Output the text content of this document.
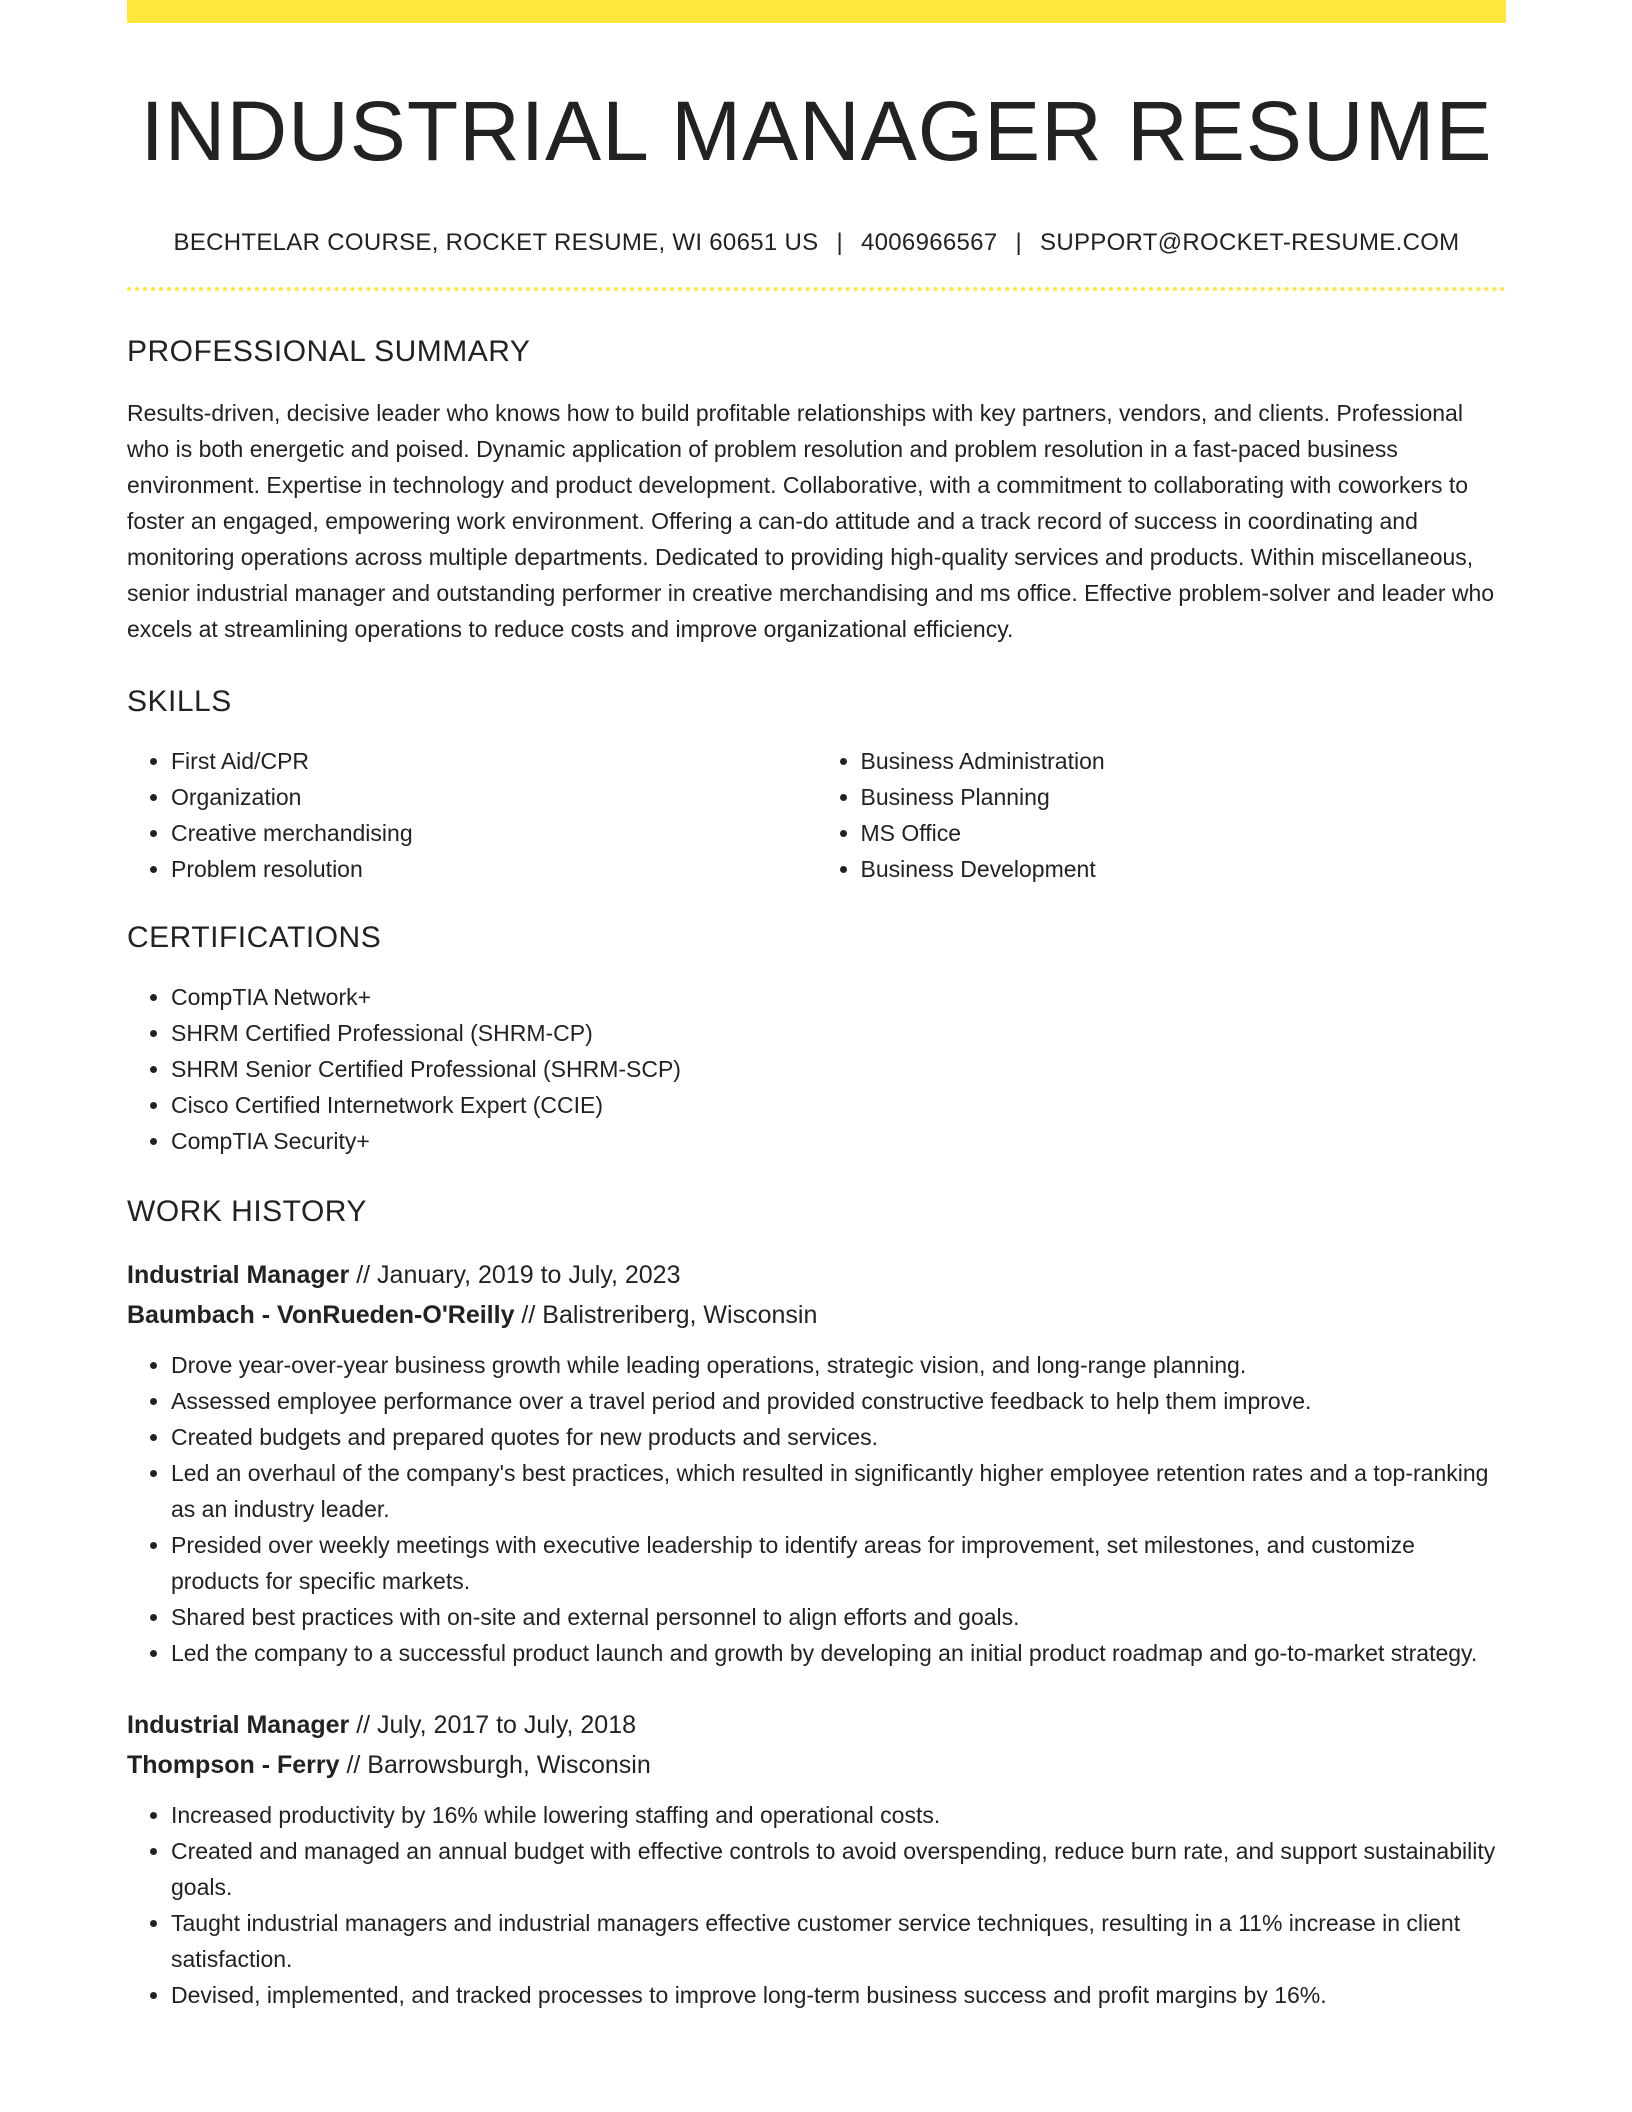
INDUSTRIAL MANAGER RESUME
BECHTELAR COURSE, ROCKET RESUME, WI 60651 US | 4006966567 | SUPPORT@ROCKET-RESUME.COM
PROFESSIONAL SUMMARY

Results-driven, decisive leader who knows how to build profitable relationships with key partners, vendors, and clients. Professional who is both energetic and poised. Dynamic application of problem resolution and problem resolution in a fast-paced business environment. Expertise in technology and product development. Collaborative, with a commitment to collaborating with coworkers to foster an engaged, empowering work environment. Offering a can-do attitude and a track record of success in coordinating and monitoring operations across multiple departments. Dedicated to providing high-quality services and products. Within miscellaneous, senior industrial manager and outstanding performer in creative merchandising and ms office. Effective problem-solver and leader who excels at streamlining operations to reduce costs and improve organizational efficiency.

SKILLS
• First Aid/CPR
• Organization
• Creative merchandising
• Problem resolution
• Business Administration
• Business Planning
• MS Office
• Business Development
CERTIFICATIONS
• CompTIA Network+
• SHRM Certified Professional (SHRM-CP)
• SHRM Senior Certified Professional (SHRM-SCP)
• Cisco Certified Internetwork Expert (CCIE)
• CompTIA Security+
WORK HISTORY
Industrial Manager // January, 2019 to July, 2023
Baumbach - VonRueden-O'Reilly // Balistreriberg, Wisconsin
• Drove year-over-year business growth while leading operations, strategic vision, and long-range planning.
• Assessed employee performance over a travel period and provided constructive feedback to help them improve.
• Created budgets and prepared quotes for new products and services.
• Led an overhaul of the company's best practices, which resulted in significantly higher employee retention rates and a top-ranking as an industry leader.
• Presided over weekly meetings with executive leadership to identify areas for improvement, set milestones, and customize products for specific markets.
• Shared best practices with on-site and external personnel to align efforts and goals.
• Led the company to a successful product launch and growth by developing an initial product roadmap and go-to-market strategy.
Industrial Manager // July, 2017 to July, 2018
Thompson - Ferry // Barrowsburgh, Wisconsin
• Increased productivity by 16% while lowering staffing and operational costs.
• Created and managed an annual budget with effective controls to avoid overspending, reduce burn rate, and support sustainability goals.
• Taught industrial managers and industrial managers effective customer service techniques, resulting in a 11% increase in client satisfaction.
• Devised, implemented, and tracked processes to improve long-term business success and profit margins by 16%.
